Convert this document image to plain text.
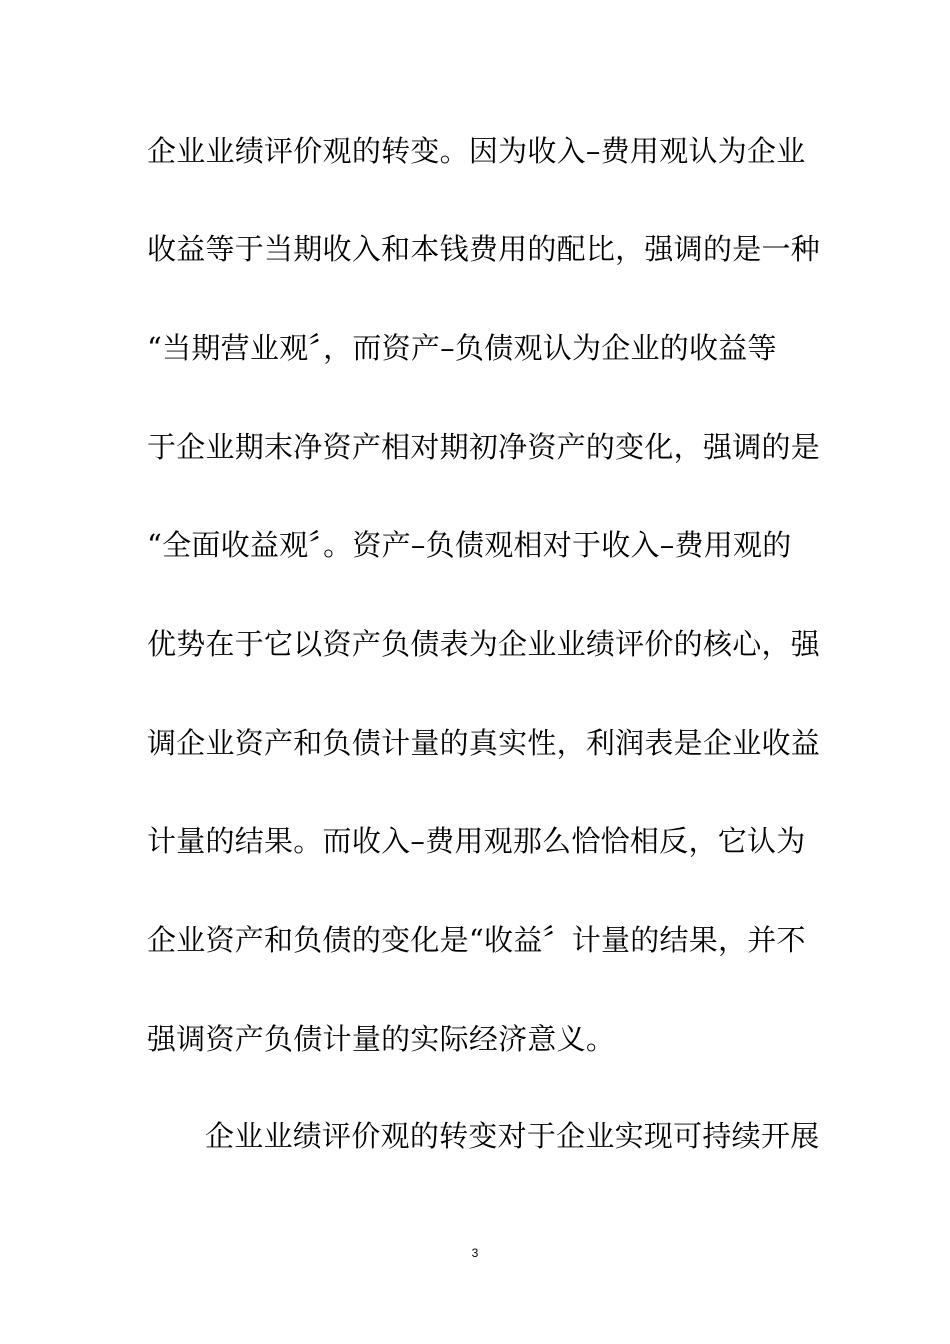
企业业绩评价观的转变。因为收入–费用观认为企业
收益等于当期收入和本钱费用的配比，强调的是一种
“当期营业观〞，而资产–负债观认为企业的收益等
于企业期末净资产相对期初净资产的变化，强调的是
“全面收益观〞。资产–负债观相对于收入–费用观的
优势在于它以资产负债表为企业业绩评价的核心，强
调企业资产和负债计量的真实性，利润表是企业收益
计量的结果。而收入–费用观那么恰恰相反，它认为
企业资产和负债的变化是“收益〞计量的结果，并不
强调资产负债计量的实际经济意义。
企业业绩评价观的转变对于企业实现可持续开展
3
